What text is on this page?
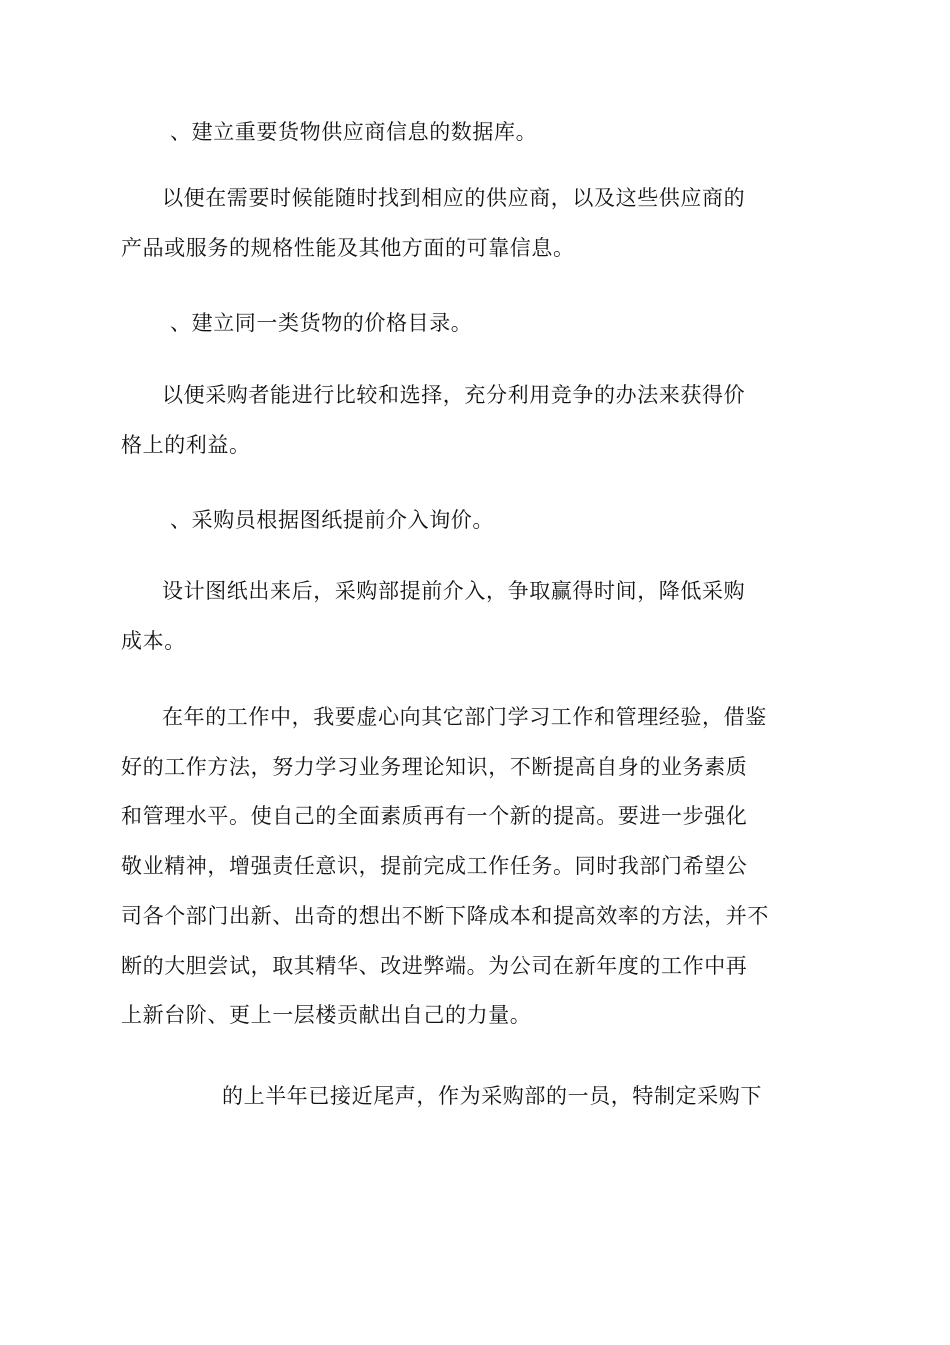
、建立重要货物供应商信息的数据库。
以便在需要时候能随时找到相应的供应商，以及这些供应商的
产品或服务的规格性能及其他方面的可靠信息。
、建立同一类货物的价格目录。
以便采购者能进行比较和选择，充分利用竞争的办法来获得价
格上的利益。
、采购员根据图纸提前介入询价。
设计图纸出来后，采购部提前介入，争取赢得时间，降低采购
成本。
在年的工作中，我要虚心向其它部门学习工作和管理经验，借鉴
好的工作方法，努力学习业务理论知识，不断提高自身的业务素质
和管理水平。使自己的全面素质再有一个新的提高。要进一步强化
敬业精神，增强责任意识，提前完成工作任务。同时我部门希望公
司各个部门出新、出奇的想出不断下降成本和提高效率的方法，并不
断的大胆尝试，取其精华、改进弊端。为公司在新年度的工作中再
上新台阶、更上一层楼贡献出自己的力量。
的上半年已接近尾声，作为采购部的一员，特制定采购下
